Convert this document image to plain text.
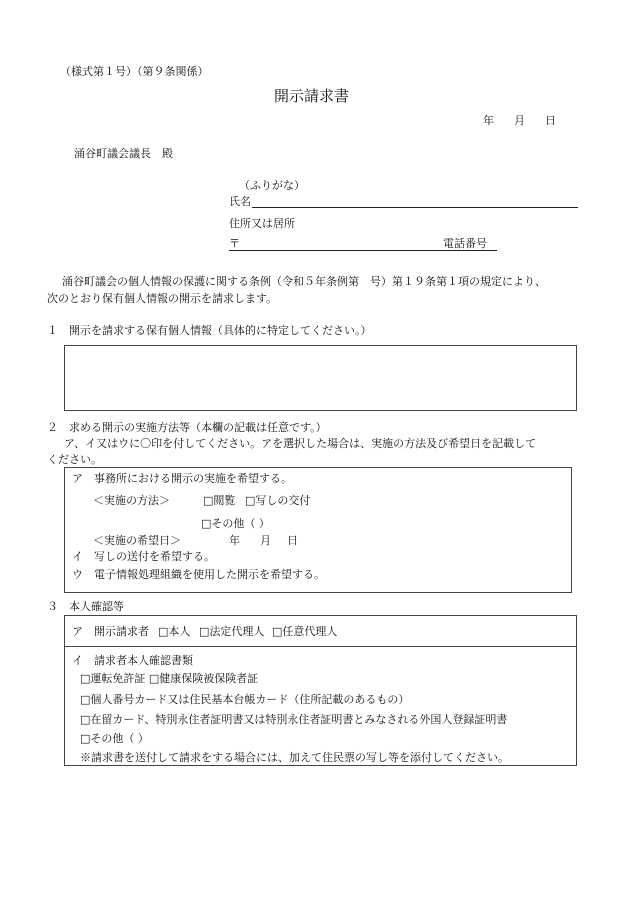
（様式第１号）（第９条関係）
開示請求書
年 月 日
涌谷町議会議長　殿
（ふりがな）
氏名
住所又は居所
〒	電話番号
涌谷町議会の個人情報の保護に関する条例（令和５年条例第　号）第１９条第１項の規定により、
次のとおり保有個人情報の開示を請求します。
１　開示を請求する保有個人情報（具体的に特定してください。）
２　求める開示の実施方法等（本欄の記載は任意です。）
ア、イ又はウに〇印を付してください。アを選択した場合は、実施の方法及び希望日を記載して
ください。
ア　事務所における開示の実施を希望する。
＜実施の方法＞	□閲覧 □写しの交付
□その他（ ）
＜実施の希望日＞	年 月 日
イ　写しの送付を希望する。
ウ　電子情報処理組織を使用した開示を希望する。
３　本人確認等
ア　開示請求者 □本人 □法定代理人 □任意代理人
イ　請求者本人確認書類
□運転免許証 □健康保険被保険者証
□個人番号カード又は住民基本台帳カード（住所記載のあるもの）
□在留カード、特別永住者証明書又は特別永住者証明書とみなされる外国人登録証明書
□その他（ ）
※請求書を送付して請求をする場合には、加えて住民票の写し等を添付してください。
